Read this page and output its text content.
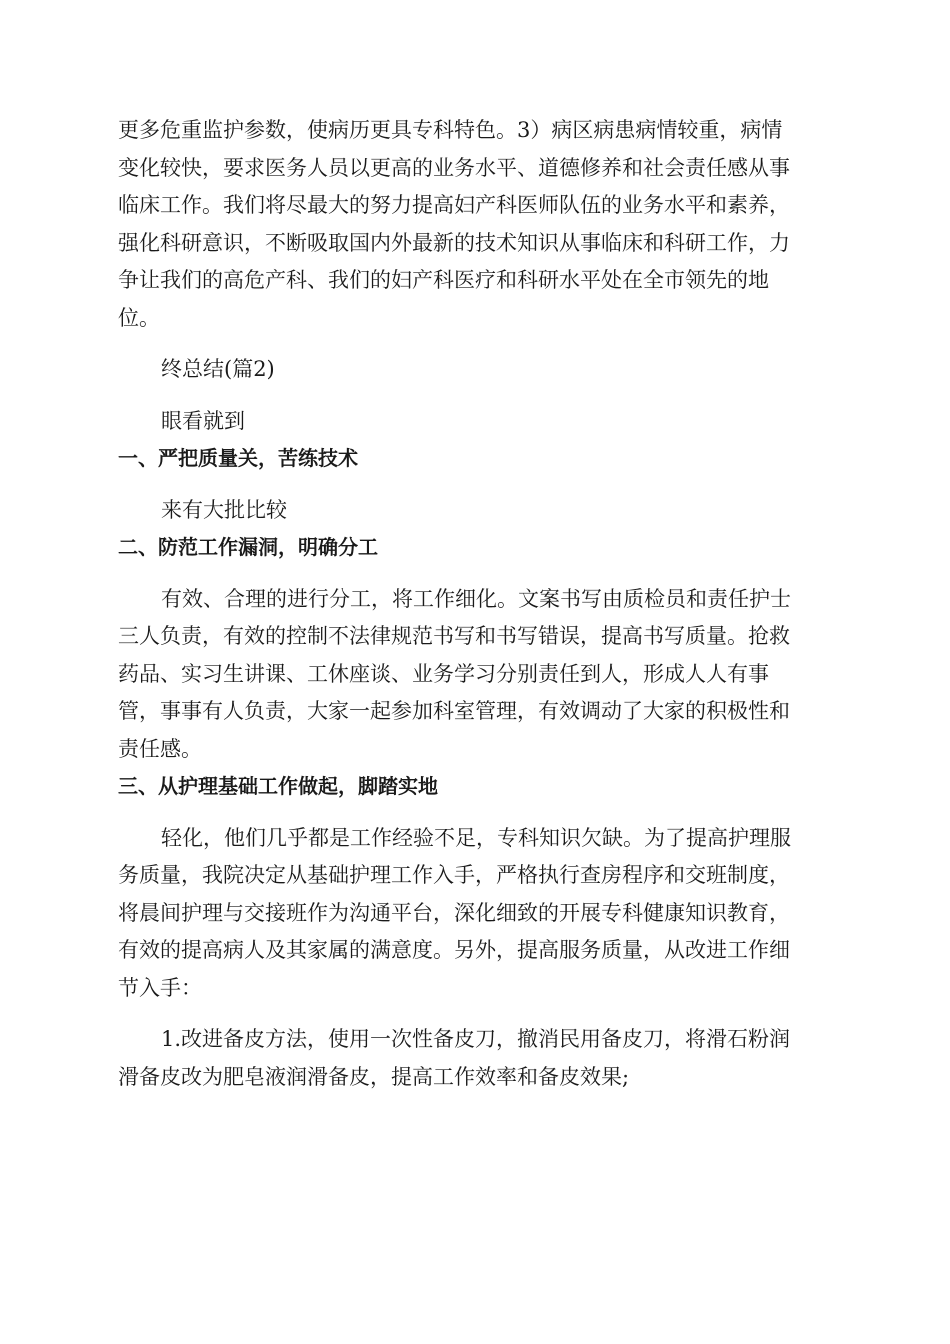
更多危重监护参数，使病历更具专科特色。3）病区病患病情较重，病情
变化较快，要求医务人员以更高的业务水平、道德修养和社会责任感从事
临床工作。我们将尽最大的努力提高妇产科医师队伍的业务水平和素养，
强化科研意识，不断吸取国内外最新的技术知识从事临床和科研工作，力
争让我们的高危产科、我们的妇产科医疗和科研水平处在全市领先的地
位。

终总结(篇2)

眼看就到

一、严把质量关，苦练技术

来有大批比较

二、防范工作漏洞，明确分工

有效、合理的进行分工，将工作细化。文案书写由质检员和责任护士
三人负责，有效的控制不法律规范书写和书写错误，提高书写质量。抢救
药品、实习生讲课、工休座谈、业务学习分别责任到人，形成人人有事
管，事事有人负责，大家一起参加科室管理，有效调动了大家的积极性和
责任感。

三、从护理基础工作做起，脚踏实地

轻化，他们几乎都是工作经验不足，专科知识欠缺。为了提高护理服
务质量，我院决定从基础护理工作入手，严格执行查房程序和交班制度，
将晨间护理与交接班作为沟通平台，深化细致的开展专科健康知识教育，
有效的提高病人及其家属的满意度。另外，提高服务质量，从改进工作细
节入手：

1.改进备皮方法，使用一次性备皮刀，撤消民用备皮刀，将滑石粉润
滑备皮改为肥皂液润滑备皮，提高工作效率和备皮效果;
